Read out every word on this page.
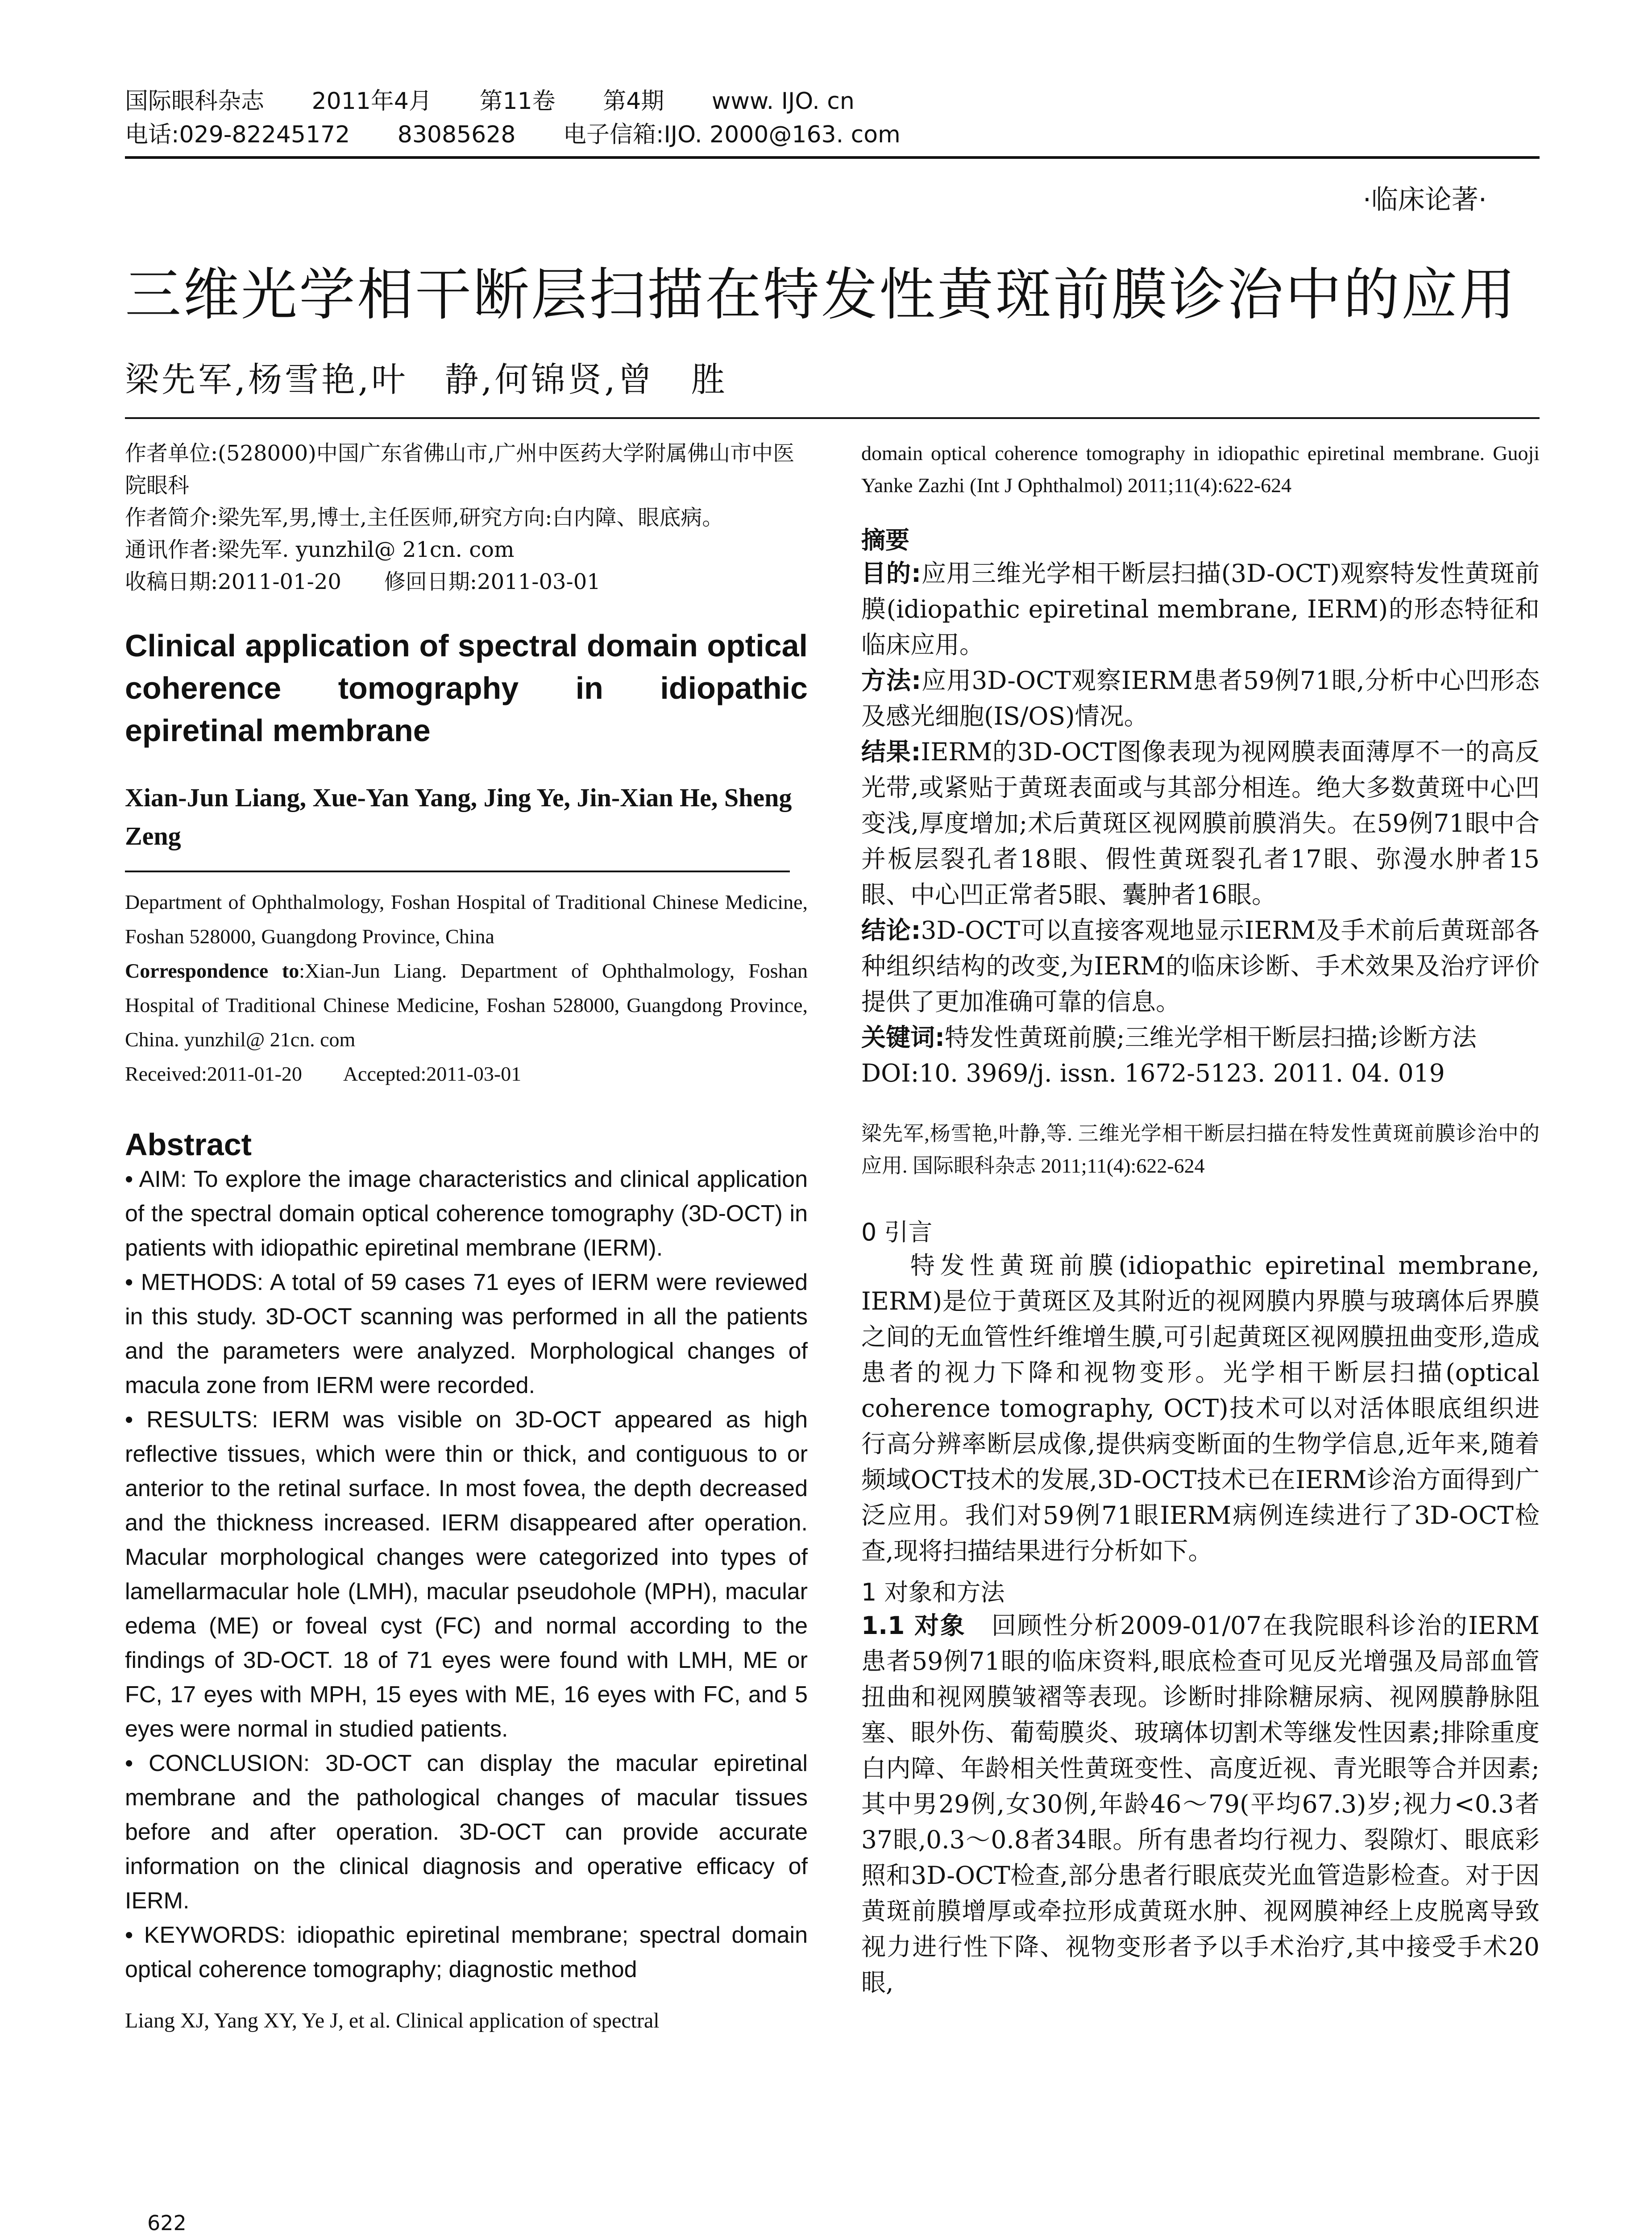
国际眼科杂志 2011年4月 第11卷 第4期 www. IJO. cn
电话:029-82245172 83085628 电子信箱:IJO. 2000@163. com
·临床论著·
三维光学相干断层扫描在特发性黄斑前膜诊治中的应用
梁先军,杨雪艳,叶　静,何锦贤,曾　胜
作者单位:(528000)中国广东省佛山市,广州中医药大学附属佛山市中医院眼科
作者简介:梁先军,男,博士,主任医师,研究方向:白内障、眼底病。
通讯作者:梁先军. yunzhil@ 21cn. com
收稿日期:2011-01-20　　修回日期:2011-03-01
Clinical application of spectral domain optical coherence tomography in idiopathic epiretinal membrane
Xian-Jun Liang, Xue-Yan Yang, Jing Ye, Jin-Xian He, Sheng Zeng
Department of Ophthalmology, Foshan Hospital of Traditional Chinese Medicine, Foshan 528000, Guangdong Province, China
Correspondence to:Xian-Jun Liang. Department of Ophthalmology, Foshan Hospital of Traditional Chinese Medicine, Foshan 528000, Guangdong Province, China. yunzhil@ 21cn. com
Received:2011-01-20　　Accepted:2011-03-01
Abstract

• AIM: To explore the image characteristics and clinical application of the spectral domain optical coherence tomography (3D-OCT) in patients with idiopathic epiretinal membrane (IERM).

• METHODS: A total of 59 cases 71 eyes of IERM were reviewed in this study. 3D-OCT scanning was performed in all the patients and the parameters were analyzed. Morphological changes of macula zone from IERM were recorded.

• RESULTS: IERM was visible on 3D-OCT appeared as high reflective tissues, which were thin or thick, and contiguous to or anterior to the retinal surface. In most fovea, the depth decreased and the thickness increased. IERM disappeared after operation. Macular morphological changes were categorized into types of lamellarmacular hole (LMH), macular pseudohole (MPH), macular edema (ME) or foveal cyst (FC) and normal according to the findings of 3D-OCT. 18 of 71 eyes were found with LMH, ME or FC, 17 eyes with MPH, 15 eyes with ME, 16 eyes with FC, and 5 eyes were normal in studied patients.

• CONCLUSION: 3D-OCT can display the macular epiretinal membrane and the pathological changes of macular tissues before and after operation. 3D-OCT can provide accurate information on the clinical diagnosis and operative efficacy of IERM.

• KEYWORDS: idiopathic epiretinal membrane; spectral domain optical coherence tomography; diagnostic method

Liang XJ, Yang XY, Ye J, et al. Clinical application of spectral
domain optical coherence tomography in idiopathic epiretinal membrane. Guoji Yanke Zazhi (Int J Ophthalmol) 2011;11(4):622-624
摘要

目的:应用三维光学相干断层扫描(3D-OCT)观察特发性黄斑前膜(idiopathic epiretinal membrane, IERM)的形态特征和临床应用。

方法:应用3D-OCT观察IERM患者59例71眼,分析中心凹形态及感光细胞(IS/OS)情况。

结果:IERM的3D-OCT图像表现为视网膜表面薄厚不一的高反光带,或紧贴于黄斑表面或与其部分相连。绝大多数黄斑中心凹变浅,厚度增加;术后黄斑区视网膜前膜消失。在59例71眼中合并板层裂孔者18眼、假性黄斑裂孔者17眼、弥漫水肿者15眼、中心凹正常者5眼、囊肿者16眼。

结论:3D-OCT可以直接客观地显示IERM及手术前后黄斑部各种组织结构的改变,为IERM的临床诊断、手术效果及治疗评价提供了更加准确可靠的信息。

关键词:特发性黄斑前膜;三维光学相干断层扫描;诊断方法

DOI:10. 3969/j. issn. 1672-5123. 2011. 04. 019

梁先军,杨雪艳,叶静,等. 三维光学相干断层扫描在特发性黄斑前膜诊治中的应用. 国际眼科杂志 2011;11(4):622-624
0 引言

特发性黄斑前膜(idiopathic epiretinal membrane, IERM)是位于黄斑区及其附近的视网膜内界膜与玻璃体后界膜之间的无血管性纤维增生膜,可引起黄斑区视网膜扭曲变形,造成患者的视力下降和视物变形。光学相干断层扫描(optical coherence tomography, OCT)技术可以对活体眼底组织进行高分辨率断层成像,提供病变断面的生物学信息,近年来,随着频域OCT技术的发展,3D-OCT技术已在IERM诊治方面得到广泛应用。我们对59例71眼IERM病例连续进行了3D-OCT检查,现将扫描结果进行分析如下。

1 对象和方法

1.1 对象　 回顾性分析2009-01/07在我院眼科诊治的IERM患者59例71眼的临床资料,眼底检查可见反光增强及局部血管扭曲和视网膜皱褶等表现。诊断时排除糖尿病、视网膜静脉阻塞、眼外伤、葡萄膜炎、玻璃体切割术等继发性因素;排除重度白内障、年龄相关性黄斑变性、高度近视、青光眼等合并因素;其中男29例,女30例,年龄46～79(平均67.3)岁;视力<0.3者37眼,0.3～0.8者34眼。所有患者均行视力、裂隙灯、眼底彩照和3D-OCT检查,部分患者行眼底荧光血管造影检查。对于因黄斑前膜增厚或牵拉形成黄斑水肿、视网膜神经上皮脱离导致视力进行性下降、视物变形者予以手术治疗,其中接受手术20眼,

622
